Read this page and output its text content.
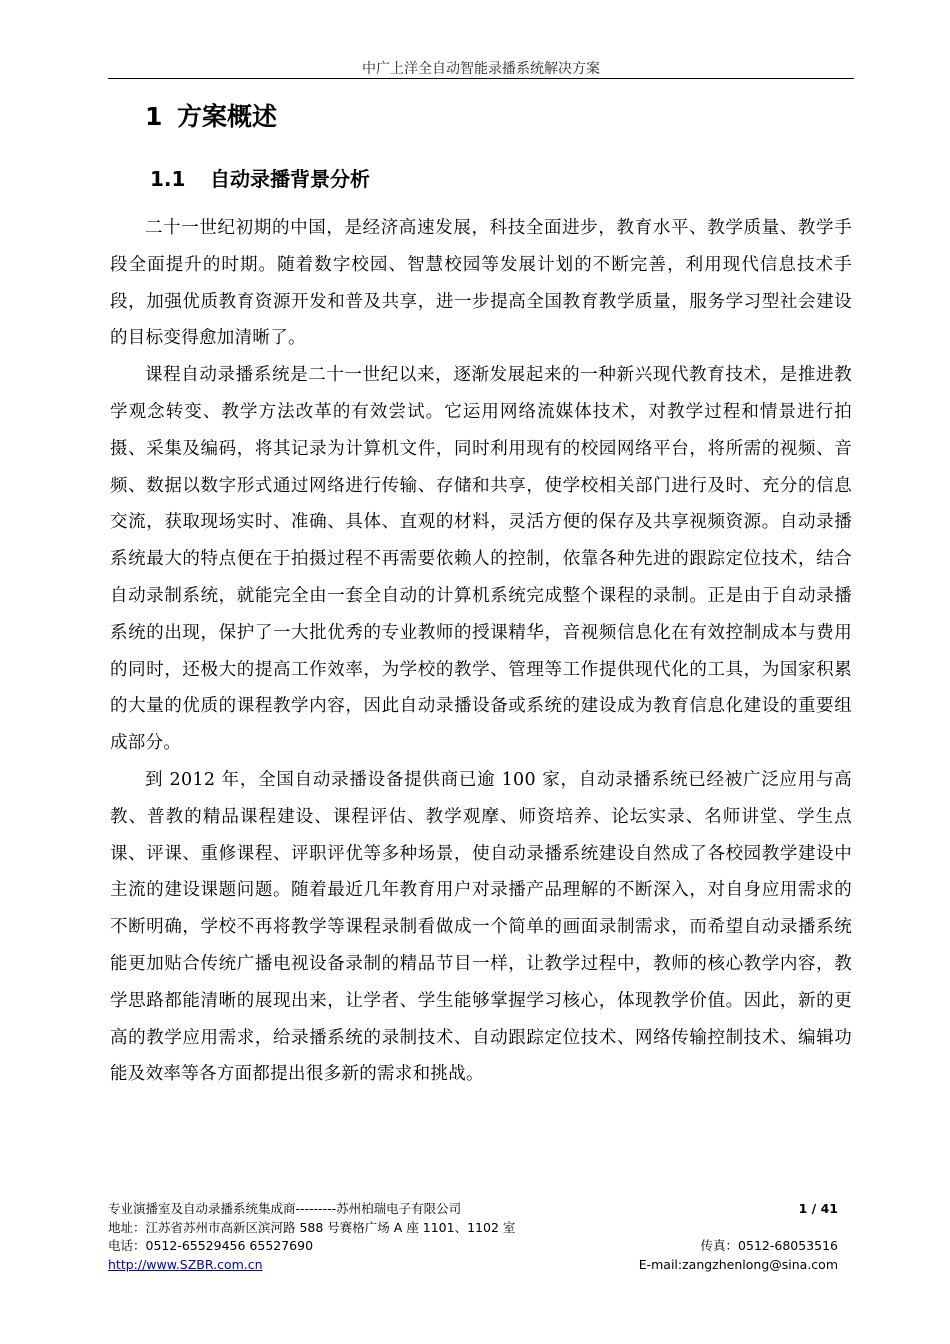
中广上洋全自动智能录播系统解决方案
1 方案概述
1.1 自动录播背景分析

二十一世纪初期的中国，是经济高速发展，科技全面进步，教育水平、教学质量、教学手段全面提升的时期。随着数字校园、智慧校园等发展计划的不断完善，利用现代信息技术手段，加强优质教育资源开发和普及共享，进一步提高全国教育教学质量，服务学习型社会建设的目标变得愈加清晰了。

课程自动录播系统是二十一世纪以来，逐渐发展起来的一种新兴现代教育技术，是推进教学观念转变、教学方法改革的有效尝试。它运用网络流媒体技术，对教学过程和情景进行拍摄、采集及编码，将其记录为计算机文件，同时利用现有的校园网络平台，将所需的视频、音频、数据以数字形式通过网络进行传输、存储和共享，使学校相关部门进行及时、充分的信息交流，获取现场实时、准确、具体、直观的材料，灵活方便的保存及共享视频资源。自动录播系统最大的特点便在于拍摄过程不再需要依赖人的控制，依靠各种先进的跟踪定位技术，结合自动录制系统，就能完全由一套全自动的计算机系统完成整个课程的录制。正是由于自动录播系统的出现，保护了一大批优秀的专业教师的授课精华，音视频信息化在有效控制成本与费用的同时，还极大的提高工作效率，为学校的教学、管理等工作提供现代化的工具，为国家积累的大量的优质的课程教学内容，因此自动录播设备或系统的建设成为教育信息化建设的重要组成部分。

到 2012 年，全国自动录播设备提供商已逾 100 家，自动录播系统已经被广泛应用与高教、普教的精品课程建设、课程评估、教学观摩、师资培养、论坛实录、名师讲堂、学生点课、评课、重修课程、评职评优等多种场景，使自动录播系统建设自然成了各校园教学建设中主流的建设课题问题。随着最近几年教育用户对录播产品理解的不断深入，对自身应用需求的不断明确，学校不再将教学等课程录制看做成一个简单的画面录制需求，而希望自动录播系统能更加贴合传统广播电视设备录制的精品节目一样，让教学过程中，教师的核心教学内容，教学思路都能清晰的展现出来，让学者、学生能够掌握学习核心，体现教学价值。因此，新的更高的教学应用需求，给录播系统的录制技术、自动跟踪定位技术、网络传输控制技术、编辑功能及效率等各方面都提出很多新的需求和挑战。

专业演播室及自动录播系统集成商---------苏州柏瑞电子有限公司	1 / 41
地址：江苏省苏州市高新区滨河路 588 号赛格广场 A 座 1101、1102 室
电话：0512-65529456 65527690	传真：0512-68053516
http://www.SZBR.com.cn	E-mail:zangzhenlong@sina.com
